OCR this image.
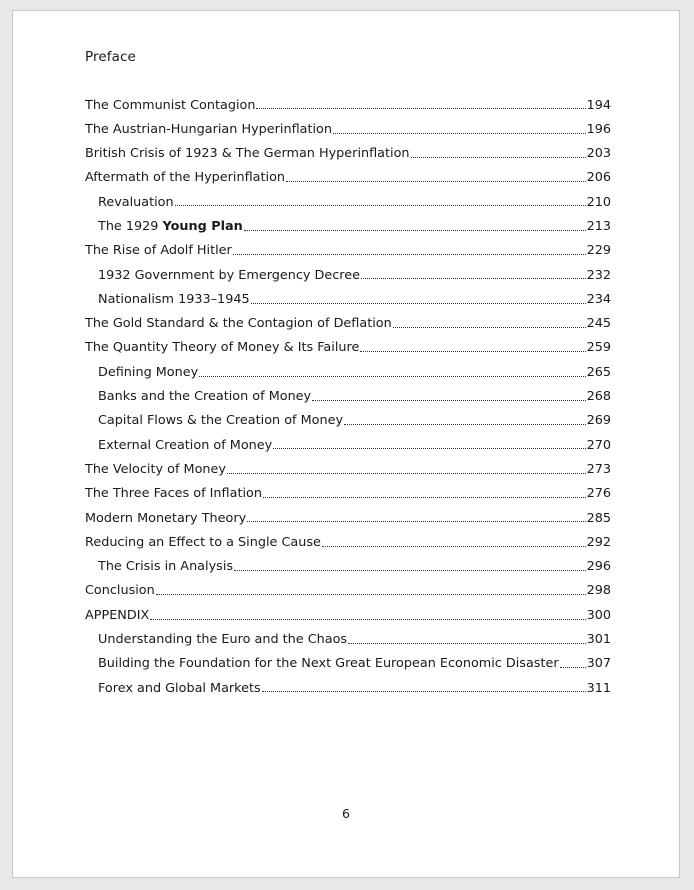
Preface
The Communist Contagion	194
The Austrian-Hungarian Hyperinflation	196
British Crisis of 1923 & The German Hyperinflation	203
Aftermath of the Hyperinflation	206
Revaluation	210
The 1929 Young Plan	213
The Rise of Adolf Hitler	229
1932 Government by Emergency Decree	232
Nationalism 1933–1945	234
The Gold Standard & the Contagion of Deflation	245
The Quantity Theory of Money & Its Failure	259
Defining Money	265
Banks and the Creation of Money	268
Capital Flows & the Creation of Money	269
External Creation of Money	270
The Velocity of Money	273
The Three Faces of Inflation	276
Modern Monetary Theory	285
Reducing an Effect to a Single Cause	292
The Crisis in Analysis	296
Conclusion	298
APPENDIX	300
Understanding the Euro and the Chaos	301
Building the Foundation for the Next Great European Economic Disaster 307
Forex and Global Markets	311
6
